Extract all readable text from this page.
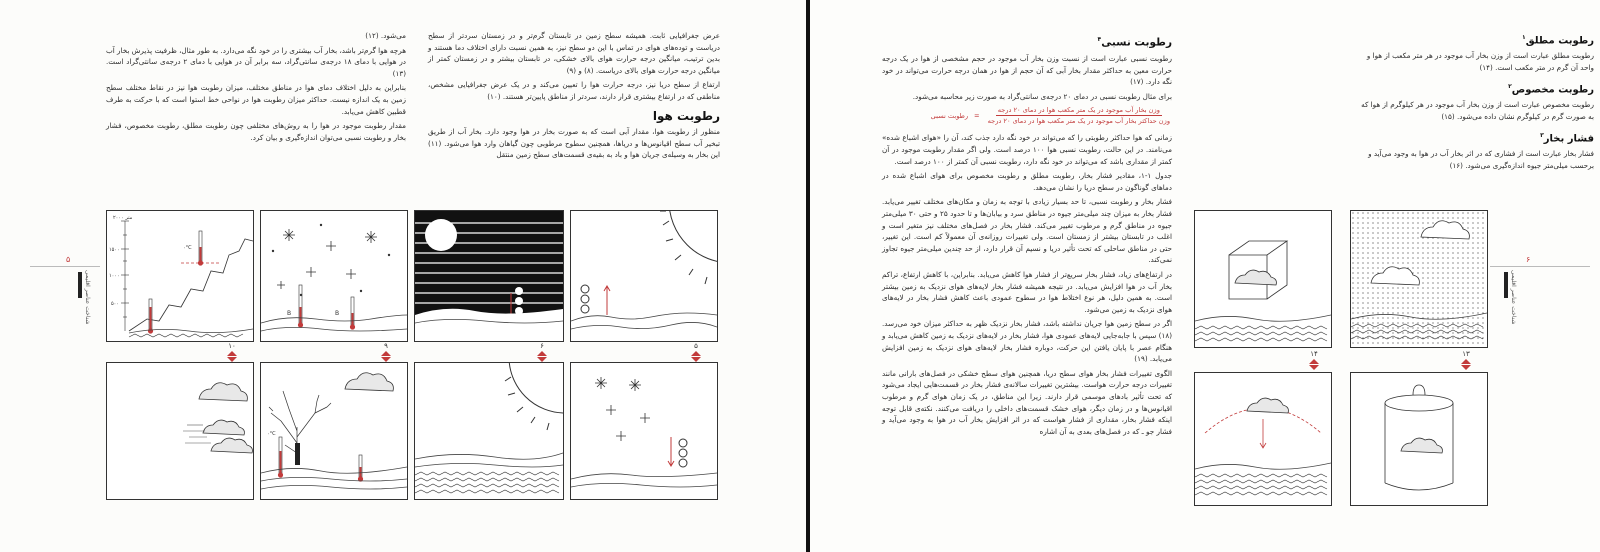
عرض جغرافیایی ثابت. همیشه سطح زمین در تابستان گرم‌تر و در زمستان سردتر از سطح دریاست و توده‌های هوای در تماس با این دو سطح نیز، به همین نسبت دارای اختلاف دما هستند و بدین ترتیب، میانگین درجه حرارت هوای بالای خشکی، در تابستان بیشتر و در زمستان کمتر از میانگین درجه حرارت هوای بالای دریاست. (۸) و (۹)

ارتفاع از سطح دریا نیز، درجه حرارت هوا را تعیین می‌کند و در یک عرض جغرافیایی مشخص، مناطقی که در ارتفاع بیشتری قرار دارند، سردتر از مناطق پایین‌تر هستند. (۱۰)

رطوبت هوا

منظور از رطوبت هوا، مقدار آبی است که به صورت بخار در هوا وجود دارد. بخار آب از طریق تبخیر آب سطح اقیانوس‌ها و دریاها، همچنین سطوح مرطوبی چون گیاهان وارد هوا می‌شود. (۱۱) این بخار به وسیله‌ی جریان هوا و باد به بقیه‌ی قسمت‌های سطح زمین منتقل

می‌شود. (۱۲)

هرچه هوا گرم‌تر باشد، بخار آب بیشتری را در خود نگه می‌دارد. به طور مثال، ظرفیت پذیرش بخار آب در هوایی با دمای ۱۸ درجه‌ی سانتی‌گراد، سه برابر آن در هوایی با دمای ۲ درجه‌ی سانتی‌گراد است. (۱۳)

بنابراین به دلیل اختلاف دمای هوا در مناطق مختلف، میزان رطوبت هوا نیز در نقاط مختلف سطح زمین به یک اندازه نیست. حداکثر میزان رطوبت هوا در نواحی خط استوا است که با حرکت به طرف قطبین کاهش می‌یابد.

مقدار رطوبت موجود در هوا را به روش‌های مختلفی چون رطوبت مطلق، رطوبت مخصوص، فشار بخار و رطوبت نسبی می‌توان اندازه‌گیری و بیان کرد.

شناخت عناصر اقلیمی
۵
B	B
۲۰۰۰ متر
۱۵۰۰
۱۰۰۰
۵۰۰
۰°C
۵
۶
۹
۱۰
۰°C
رطوبت مطلق$^۱$

رطوبت مطلق عبارت است از وزن بخار آب موجود در هر متر مکعب از هوا و واحد آن گرم در متر مکعب است. (۱۴)

رطوبت مخصوص$^۲$

رطوبت مخصوص عبارت است از وزن بخار آب موجود در هر کیلوگرم از هوا که به صورت گرم در کیلوگرم نشان داده می‌شود. (۱۵)

فشار بخار$^۳$

فشار بخار عبارت است از فشاری که در اثر بخار آب در هوا به وجود می‌آید و برحسب میلی‌متر جیوه اندازه‌گیری می‌شود. (۱۶)

رطوبت نسبی$^۴$

رطوبت نسبی عبارت است از نسبت وزن بخار آب موجود در حجم مشخصی از هوا در یک درجه حرارت معین به حداکثر مقدار بخار آبی که آن حجم از هوا در همان درجه حرارت می‌تواند در خود نگه دارد. (۱۷)

برای مثال رطوبت نسبی در دمای ۲۰ درجه‌ی سانتی‌گراد به صورت زیر محاسبه می‌شود.

$\frac{\text{وزن بخار آب موجود در یک متر مکعب هوا در دمای ۲۰ درجه}}{\text{وزن حداکثر بخار آب موجود در یک متر مکعب هوا در دمای ۲۰ درجه}}$
=
رطوبت نسبی

زمانی که هوا حداکثر رطوبتی را که می‌تواند در خود نگه دارد جذب کند، آن را «هوای اشباع شده» می‌نامند. در این حالت، رطوبت نسبی هوا ۱۰۰ درصد است. ولی اگر مقدار رطوبت موجود در آن کمتر از مقداری باشد که می‌تواند در خود نگه دارد، رطوبت نسبی آن کمتر از ۱۰۰ درصد است.

جدول ۱-۱، مقادیر فشار بخار، رطوبت مطلق و رطوبت مخصوص برای هوای اشباع شده در دماهای گوناگون در سطح دریا را نشان می‌دهد.

فشار بخار و رطوبت نسبی، تا حد بسیار زیادی با توجه به زمان و مکان‌های مختلف تغییر می‌یابد. فشار بخار به میزان چند میلی‌متر جیوه در مناطق سرد و بیابان‌ها و تا حدود ۲۵ و حتی ۳۰ میلی‌متر جیوه در مناطق گرم و مرطوب تغییر می‌کند. فشار بخار در فصل‌های مختلف نیز متغیر است و اغلب در تابستان بیشتر از زمستان است. ولی تغییرات روزانه‌ی آن معمولاً کم است. این تغییر، حتی در مناطق ساحلی که تحت تأثیر دریا و نسیم آن قرار دارد، از حد چندین میلی‌متر جیوه تجاوز نمی‌کند.

در ارتفاع‌های زیاد، فشار بخار سریع‌تر از فشار هوا کاهش می‌یابد. بنابراین، با کاهش ارتفاع، تراکم بخار آب در هوا افزایش می‌یابد. در نتیجه همیشه فشار بخار لایه‌های هوای نزدیک به زمین بیشتر است. به همین دلیل، هر نوع اختلاط هوا در سطوح عمودی باعث کاهش فشار بخار در لایه‌های هوای نزدیک به زمین می‌شود.

اگر در سطح زمین هوا جریان نداشته باشد، فشار بخار نزدیک ظهر به حداکثر میزان خود می‌رسد. (۱۸) سپس با جابه‌جایی لایه‌های عمودی هوا، فشار بخار در لایه‌های نزدیک به زمین کاهش می‌یابد و هنگام عصر با پایان یافتن این حرکت، دوباره فشار بخار لایه‌های هوای نزدیک به زمین افزایش می‌یابد. (۱۹)

الگوی تغییرات فشار بخار هوای سطح دریا، همچنین هوای سطح خشکی در فصل‌های بارانی مانند تغییرات درجه حرارت هواست. بیشترین تغییرات سالانه‌ی فشار بخار در قسمت‌هایی ایجاد می‌شود که تحت تأثیر بادهای موسمی قرار دارند. زیرا این مناطق، در یک زمان هوای گرم و مرطوب اقیانوس‌ها و در زمان دیگر، هوای خشک قسمت‌های داخلی را دریافت می‌کنند. نکته‌ی قابل توجه اینکه فشار بخار، مقداری از فشار هواست که در اثر افزایش بخار آب در هوا به وجود می‌آید و فشار جو ـ که در فصل‌های بعدی به آن اشاره

شناخت عناصر اقلیمی
۶
۱۳
۱۴
